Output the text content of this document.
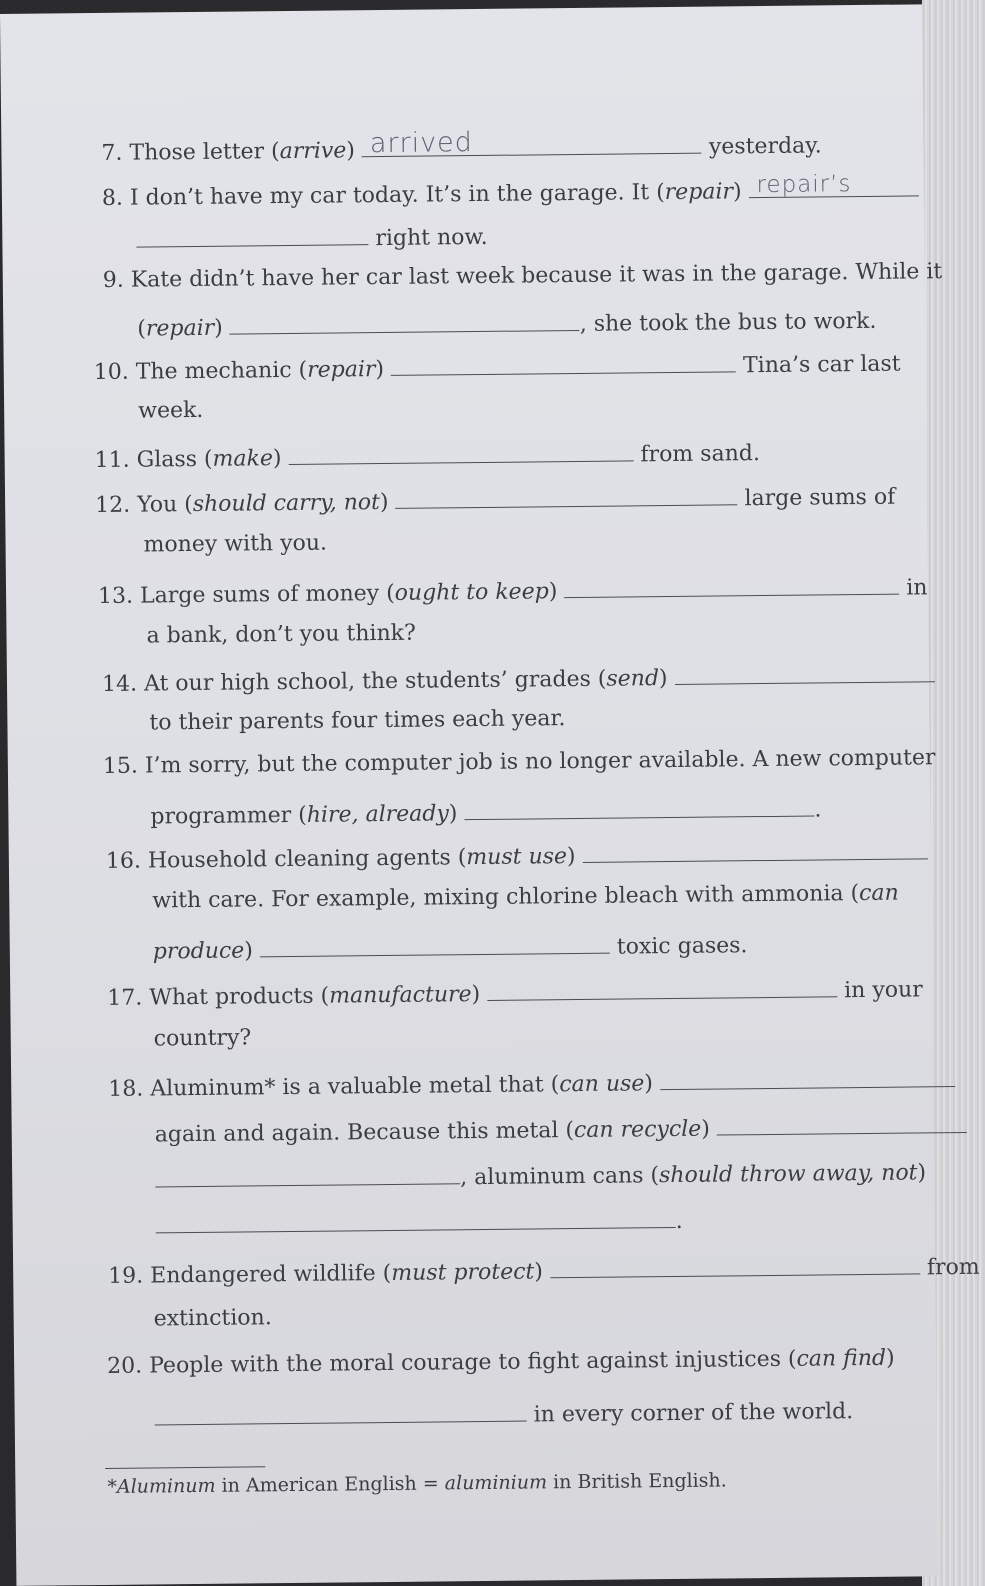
7. Those letter (arrive) arrived	yesterday.
8. I don’t have my car today. It’s in the garage. It (repair) repair’s
right now.
9. Kate didn’t have her car last week because it was in the garage. While it
(repair)	, she took the bus to work.
10. The mechanic (repair)	Tina’s car last
week.
11. Glass (make)	from sand.
12. You (should carry, not)	large sums of
money with you.
13. Large sums of money (ought to keep)	in
a bank, don’t you think?
14. At our high school, the students’ grades (send)
to their parents four times each year.
15. I’m sorry, but the computer job is no longer available. A new computer
programmer (hire, already)	.
16. Household cleaning agents (must use)
with care. For example, mixing chlorine bleach with ammonia (can
produce)	toxic gases.
17. What products (manufacture)	in your
country?
18. Aluminum* is a valuable metal that (can use)
again and again. Because this metal (can recycle)
, aluminum cans (should throw away, not)
.
19. Endangered wildlife (must protect)	from
extinction.
20. People with the moral courage to fight against injustices (can find)
in every corner of the world.
*Aluminum in American English = aluminium in British English.
